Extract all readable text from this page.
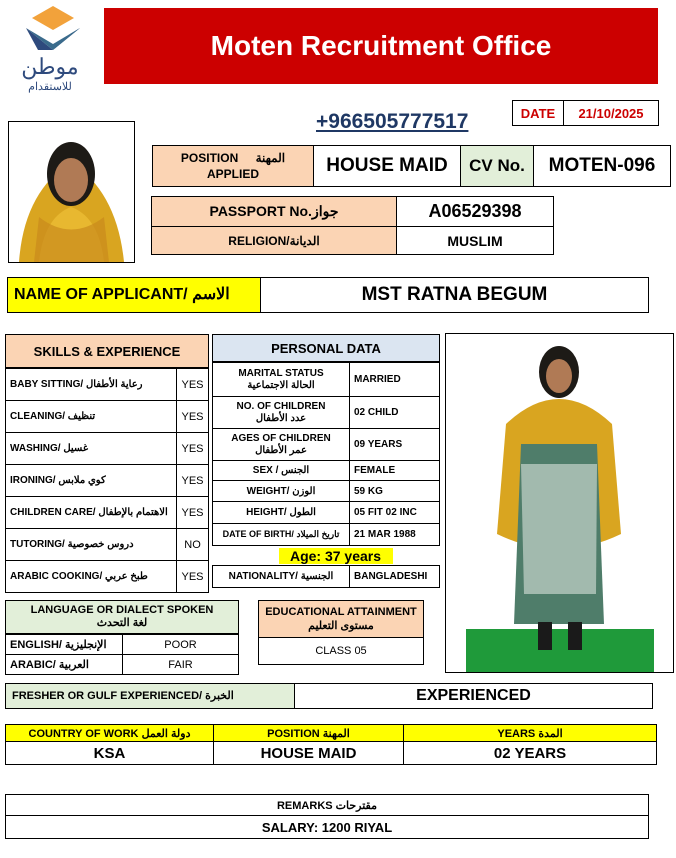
موطن
للاستقدام
Moten Recruitment Office
+966505777517	DATE	21/10/2025
POSITION المهنة
APPLIED	HOUSE MAID	CV No.	MOTEN-096
PASSPORT No.جواز	A06529398
RELIGION/الديانة	MUSLIM
NAME OF APPLICANT/ الاسم	MST RATNA BEGUM
SKILLS & EXPERIENCE
BABY SITTING/ رعاية الأطفال	YES
CLEANING/ تنظيف	YES
WASHING/ غسيل	YES
IRONING/ كوي ملابس	YES
CHILDREN CARE/ الاهتمام بالإطفال	YES
TUTORING/ دروس خصوصية	NO
ARABIC COOKING/ طبخ عربي	YES
PERSONAL DATA
MARITAL STATUS
الحالة الاجتماعية	MARRIED

NO. OF CHILDREN
عدد الأطفال	02 CHILD

AGES OF CHILDREN
عمر الأطفال	09 YEARS
SEX / الجنس	FEMALE
WEIGHT/ الوزن	59 KG
HEIGHT/ الطول	05 FIT 02 INC
DATE OF BIRTH/ تاريخ الميلاد	21 MAR 1988

Age: 37 years	

NATIONALITY/ الجنسية	BANGLADESHI
LANGUAGE OR DIALECT SPOKEN
لغة التحدث
ENGLISH/ الإنجليزية	POOR
ARABIC/ العربية	FAIR
EDUCATIONAL ATTAINMENT
مستوى التعليم
CLASS 05
FRESHER OR GULF EXPERIENCED/ الخبرة	EXPERIENCED
COUNTRY OF WORK دولة العمل	POSITION المهنة	YEARS المدة
KSA	HOUSE MAID	02 YEARS
REMARKS مقترحات
SALARY: 1200 RIYAL
